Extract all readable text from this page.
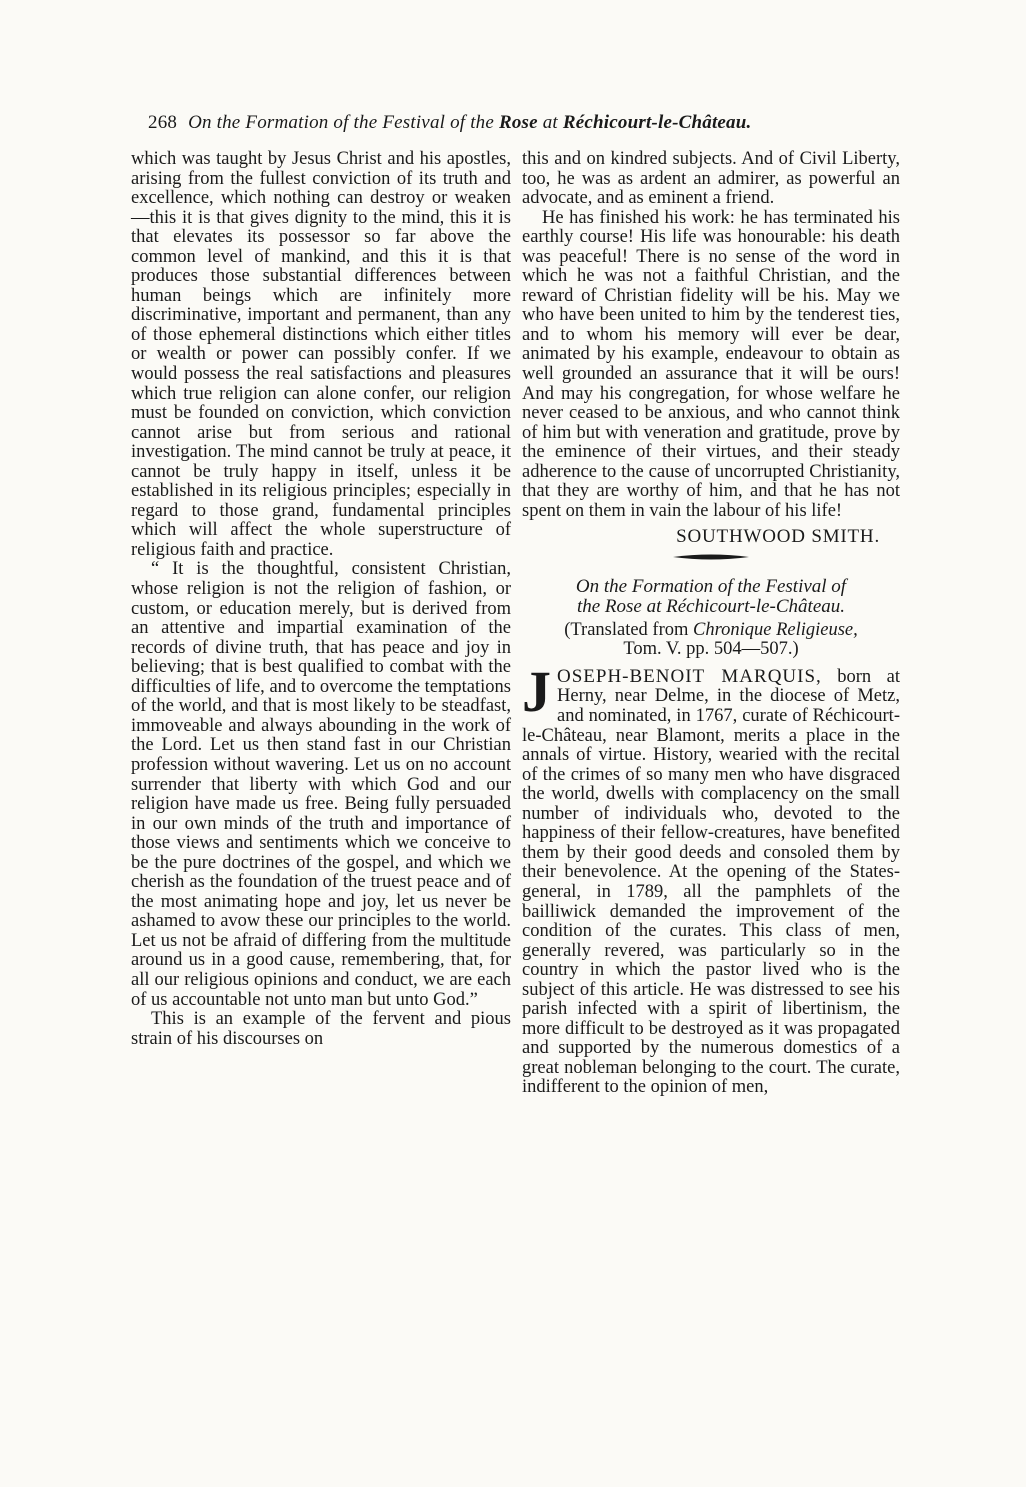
268 On the Formation of the Festival of the Rose at Réchicourt-le-Château.

which was taught by Jesus Christ and his apostles, arising from the fullest conviction of its truth and excellence, which nothing can destroy or weaken —this it is that gives dignity to the mind, this it is that elevates its possessor so far above the common level of mankind, and this it is that produces those substantial differences between human beings which are infinitely more discriminative, important and permanent, than any of those ephemeral distinctions which either titles or wealth or power can possibly confer. If we would possess the real satisfactions and pleasures which true religion can alone confer, our religion must be founded on conviction, which conviction cannot arise but from serious and rational investigation. The mind cannot be truly at peace, it cannot be truly happy in itself, unless it be established in its religious principles; especially in regard to those grand, fundamental principles which will affect the whole superstructure of religious faith and practice.

“ It is the thoughtful, consistent Christian, whose religion is not the religion of fashion, or custom, or education merely, but is derived from an attentive and impartial examination of the records of divine truth, that has peace and joy in believing; that is best qualified to combat with the difficulties of life, and to overcome the temptations of the world, and that is most likely to be steadfast, immoveable and always abounding in the work of the Lord. Let us then stand fast in our Christian profession without wavering. Let us on no account surrender that liberty with which God and our religion have made us free. Being fully persuaded in our own minds of the truth and importance of those views and sentiments which we conceive to be the pure doctrines of the gospel, and which we cherish as the foundation of the truest peace and of the most animating hope and joy, let us never be ashamed to avow these our principles to the world. Let us not be afraid of differing from the multitude around us in a good cause, remembering, that, for all our religious opinions and conduct, we are each of us accountable not unto man but unto God.”

This is an example of the fervent and pious strain of his discourses on

this and on kindred subjects. And of Civil Liberty, too, he was as ardent an admirer, as powerful an advocate, and as eminent a friend.

He has finished his work: he has terminated his earthly course! His life was honourable: his death was peaceful! There is no sense of the word in which he was not a faithful Christian, and the reward of Christian fidelity will be his. May we who have been united to him by the tenderest ties, and to whom his memory will ever be dear, animated by his example, endeavour to obtain as well grounded an assurance that it will be ours! And may his congregation, for whose welfare he never ceased to be anxious, and who cannot think of him but with veneration and gratitude, prove by the eminence of their virtues, and their steady adherence to the cause of uncorrupted Christianity, that they are worthy of him, and that he has not spent on them in vain the labour of his life!

SOUTHWOOD SMITH.
On the Formation of the Festival of
the Rose at Réchicourt-le-Château.
(Translated from Chronique Religieuse,
Tom. V. pp. 504—507.)
JOSEPH-BENOIT MARQUIS, born at Herny, near Delme, in the diocese of Metz, and nominated, in 1767, curate of Réchicourt-le-Château, near Blamont, merits a place in the annals of virtue. History, wearied with the recital of the crimes of so many men who have disgraced the world, dwells with complacency on the small number of individuals who, devoted to the happiness of their fellow-creatures, have benefited them by their good deeds and consoled them by their benevolence. At the opening of the States-general, in 1789, all the pamphlets of the bailliwick demanded the improvement of the condition of the curates. This class of men, generally revered, was particularly so in the country in which the pastor lived who is the subject of this article. He was distressed to see his parish infected with a spirit of libertinism, the more difficult to be destroyed as it was propagated and supported by the numerous domestics of a great nobleman belonging to the court. The curate, indifferent to the opinion of men,
